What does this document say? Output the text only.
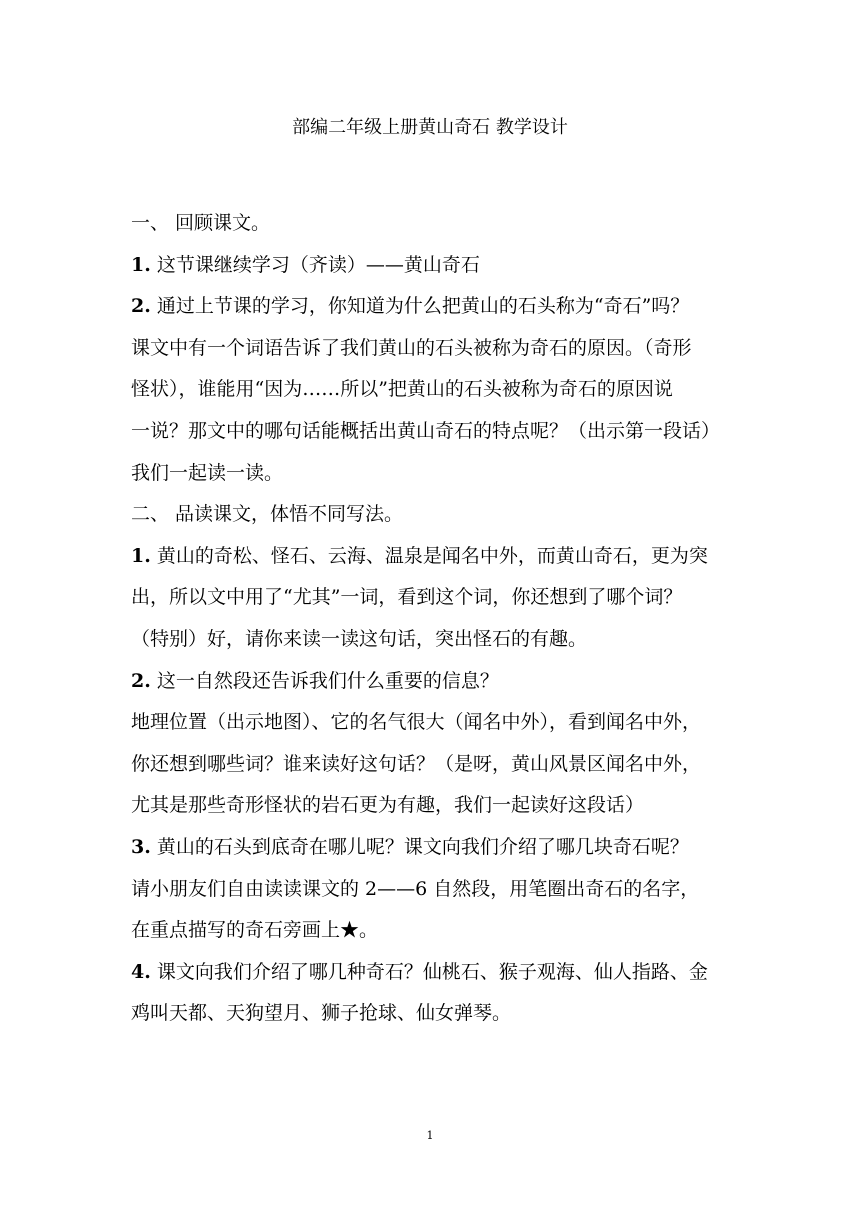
部编二年级上册黄山奇石 教学设计
一、 回顾课文。
1. 这节课继续学习（齐读）——黄山奇石
2. 通过上节课的学习，你知道为什么把黄山的石头称为“奇石”吗？
课文中有一个词语告诉了我们黄山的石头被称为奇石的原因。（奇形
怪状），谁能用“因为……所以”把黄山的石头被称为奇石的原因说
一说？那文中的哪句话能概括出黄山奇石的特点呢？（出示第一段话）
我们一起读一读。
二、 品读课文，体悟不同写法。
1. 黄山的奇松、怪石、云海、温泉是闻名中外，而黄山奇石，更为突
出，所以文中用了“尤其”一词，看到这个词，你还想到了哪个词？
（特别）好，请你来读一读这句话，突出怪石的有趣。
2. 这一自然段还告诉我们什么重要的信息？
地理位置（出示地图）、它的名气很大（闻名中外），看到闻名中外，
你还想到哪些词？谁来读好这句话？（是呀，黄山风景区闻名中外，
尤其是那些奇形怪状的岩石更为有趣，我们一起读好这段话）
3. 黄山的石头到底奇在哪儿呢？课文向我们介绍了哪几块奇石呢？
请小朋友们自由读读课文的 2——6 自然段，用笔圈出奇石的名字，
在重点描写的奇石旁画上★。
4. 课文向我们介绍了哪几种奇石？仙桃石、猴子观海、仙人指路、金
鸡叫天都、天狗望月、狮子抢球、仙女弹琴。
1
